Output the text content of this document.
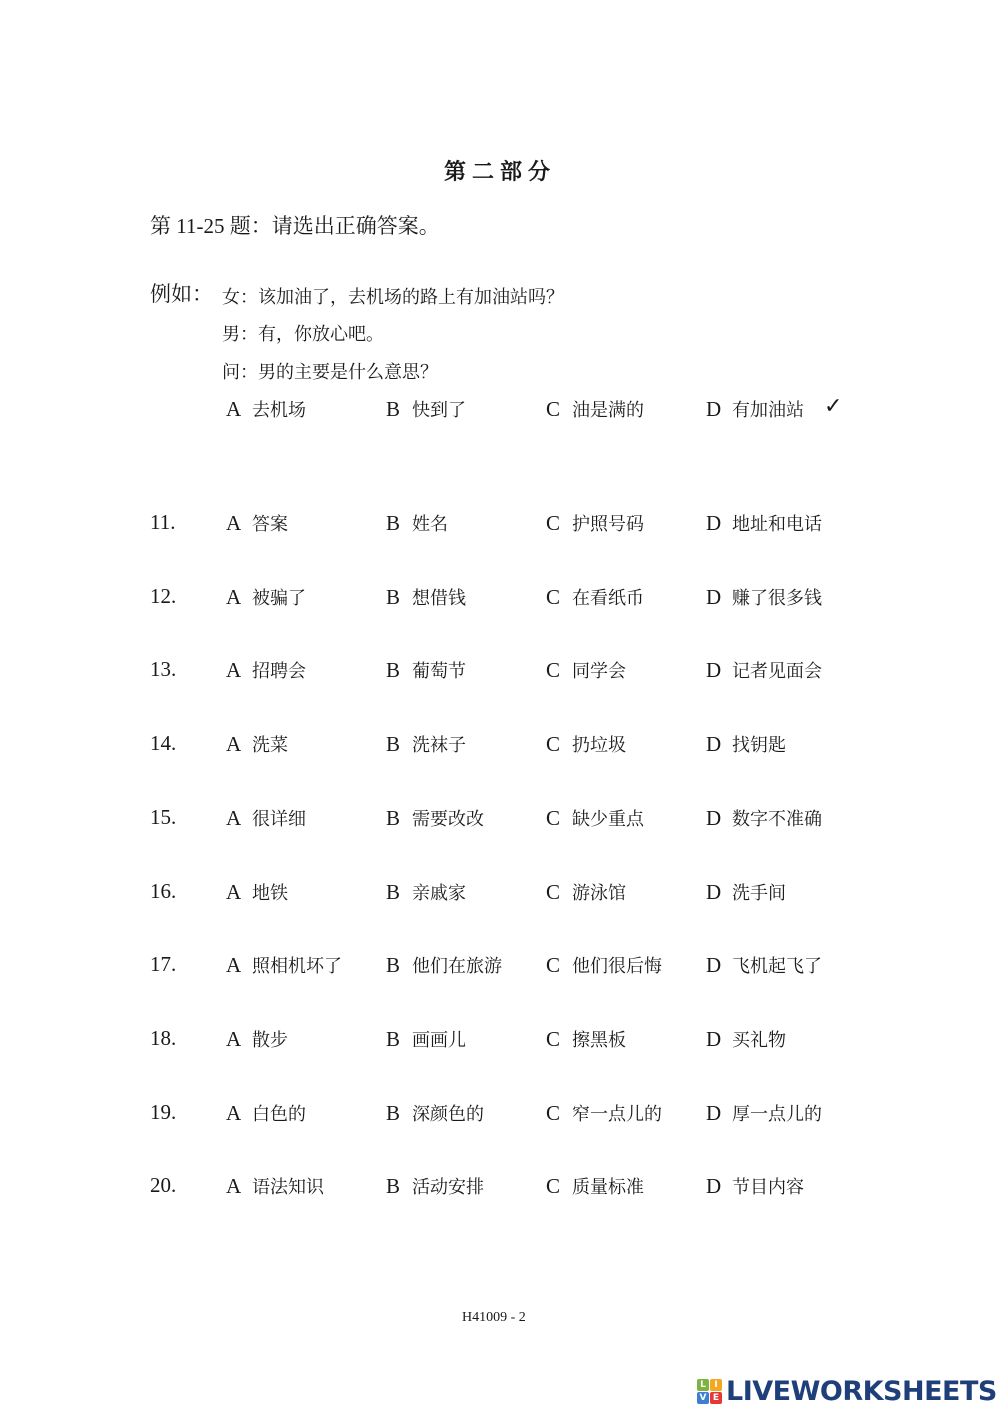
第二部分
第 11-25 题：请选出正确答案。
例如： 女：该加油了，去机场的路上有加油站吗？
男：有，你放心吧。
问：男的主要是什么意思？
A 去机场	B 快到了	C 油是满的	D 有加油站 ✓
11. A 答案	B 姓名	C 护照号码	D 地址和电话
12. A 被骗了	B 想借钱	C 在看纸币	D 赚了很多钱
13. A 招聘会	B 葡萄节	C 同学会	D 记者见面会
14. A 洗菜	B 洗袜子	C 扔垃圾	D 找钥匙
15. A 很详细	B 需要改改	C 缺少重点	D 数字不准确
16. A 地铁	B 亲戚家	C 游泳馆	D 洗手间
17. A 照相机坏了 B 他们在旅游 C 他们很后悔 D 飞机起飞了
18. A 散步	B 画画儿	C 擦黑板	D 买礼物
19. A 白色的	B 深颜色的	C 窄一点儿的 D 厚一点儿的
20. A 语法知识	B 活动安排	C 质量标准	D 节目内容
H41009 - 2
L I
V E LIVEWORKSHEETS
